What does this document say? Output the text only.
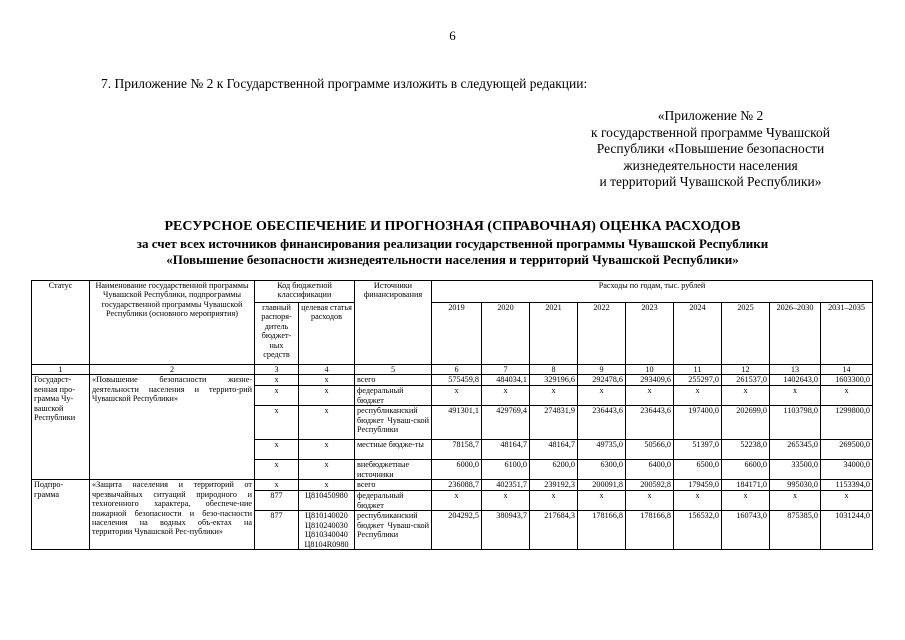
6
7. Приложение № 2 к Государственной программе изложить в следующей редакции:
«Приложение № 2
к государственной программе Чувашской
Республики «Повышение безопасности
жизнедеятельности населения
и территорий Чувашской Республики»
РЕСУРСНОЕ ОБЕСПЕЧЕНИЕ И ПРОГНОЗНАЯ (СПРАВОЧНАЯ) ОЦЕНКА РАСХОДОВ
за счет всех источников финансирования реализации государственной программы Чувашской Республики
«Повышение безопасности жизнедеятельности населения и территорий Чувашской Республики»
Статус	Наименование государственной программы Чувашской Республики, подпрограммы государственной программы Чувашской Республики (основного мероприятия)	Код бюджетной классификации		Источники финансирования	Расходы по годам, тыс. рублей								
		главный распоря-дитель бюджет-ных средств	целевая статья расходов		2019	2020	2021	2022	2023	2024	2025	2026–2030	2031–2035
1	2	3	4	5	6	7	8	9	10	11	12	13	14
Государст-венная про-грамма Чу-вашской Республики	«Повышение безопасности жизне-деятельности населения и террито-рий Чувашской Республики»	x	x	всего	575459,8	484034,1	329196,6	292478,6	293409,6	255297,0	261537,0	1402643,0	1603300,0
		x	x	федеральный бюджет	x	x	x	x	x	x	x	x	x
		x	x	республиканский бюджет Чуваш-ской Республики	491301,1	429769,4	274831,9	236443,6	236443,6	197400,0	202699,0	1103798,0	1299800,0
		x	x	местные бюдже-ты	78158,7	48164,7	48164,7	49735,0	50566,0	51397,0	52238,0	265345,0	269500,0
		x	x	внебюджетные источники	6000,0	6100,0	6200,0	6300,0	6400,0	6500,0	6600,0	33500,0	34000,0
Подпро-грамма	«Защита населения и территорий от чрезвычайных ситуаций природного и техногенного характера, обеспече-ние пожарной безопасности и безо-пасности населения на водных объ-ектах на территории Чувашской Рес-публики»	x	x	всего	236088,7	402351,7	239192,3	200091,8	200592,8	179459,0	184171,0	995030,0	1153394,0
		877	Ц810450980	федеральный бюджет	x	x	x	x	x	x	x	x	x
		877	Ц810140020
Ц810240030
Ц810340040
Ц8104R0980	республиканский бюджет Чуваш-ской Республики	204292,5	380943,7	217684,3	178166,8	178166,8	156532,0	160743,0	875385,0	1031244,0
